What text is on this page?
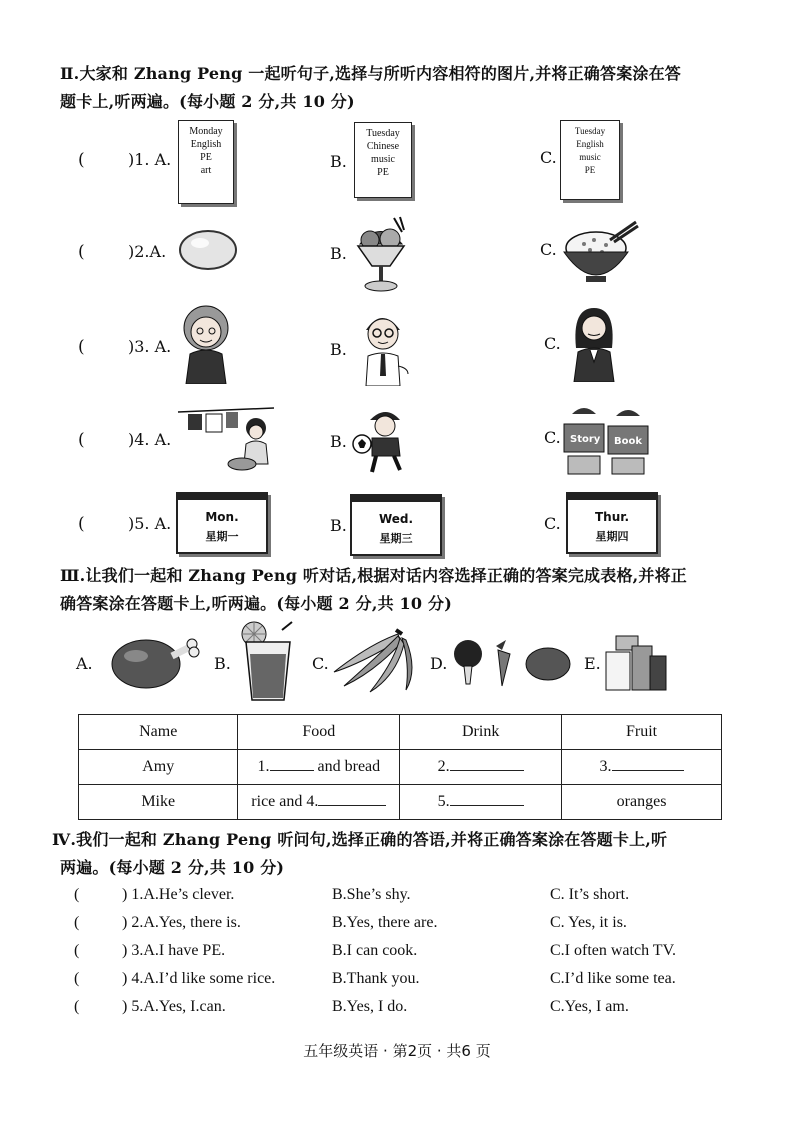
Ⅱ.大家和 Zhang Peng 一起听句子,选择与所听内容相符的图片,并将正确答案涂在答
题卡上,听两遍。(每小题 2 分,共 10 分)
(	)1. A.
Monday
English
PE
art	B.
Tuesday
Chinese
music
PE
C.
Tuesday
English
music
PE
(	)2.A.	B.	C.
(	)3. A.	B.	C.
(	)4. A.	B.	C. Story Book
(	)5. A.	Mon.
星期一
B.	Wed.
星期三
C.	Thur.
星期四
Ⅲ.让我们一起和 Zhang Peng 听对话,根据对话内容选择正确的答案完成表格,并将正
确答案涂在答题卡上,听两遍。(每小题 2 分,共 10 分)
A.	B.	C.	D.	E.
Name	Food	Drink	Fruit
Amy	1. and bread	2.	3.
Mike	rice and 4.	5.	oranges
Ⅳ.我们一起和 Zhang Peng 听问句,选择正确的答语,并将正确答案涂在答题卡上,听
两遍。(每小题 2 分,共 10 分)
(	) 1.A.He’s clever.	B.She’s shy.	C. It’s short.
(	) 2.A.Yes, there is.	B.Yes, there are.	C. Yes, it is.
(	) 3.A.I have PE.	B.I can cook.	C.I often watch TV.
(	) 4.A.I’d like some rice.	B.Thank you.	C.I’d like some tea.
(	) 5.A.Yes, I.can.	B.Yes, I do.	C.Yes, I am.
五年级英语 · 第2页 · 共6 页
